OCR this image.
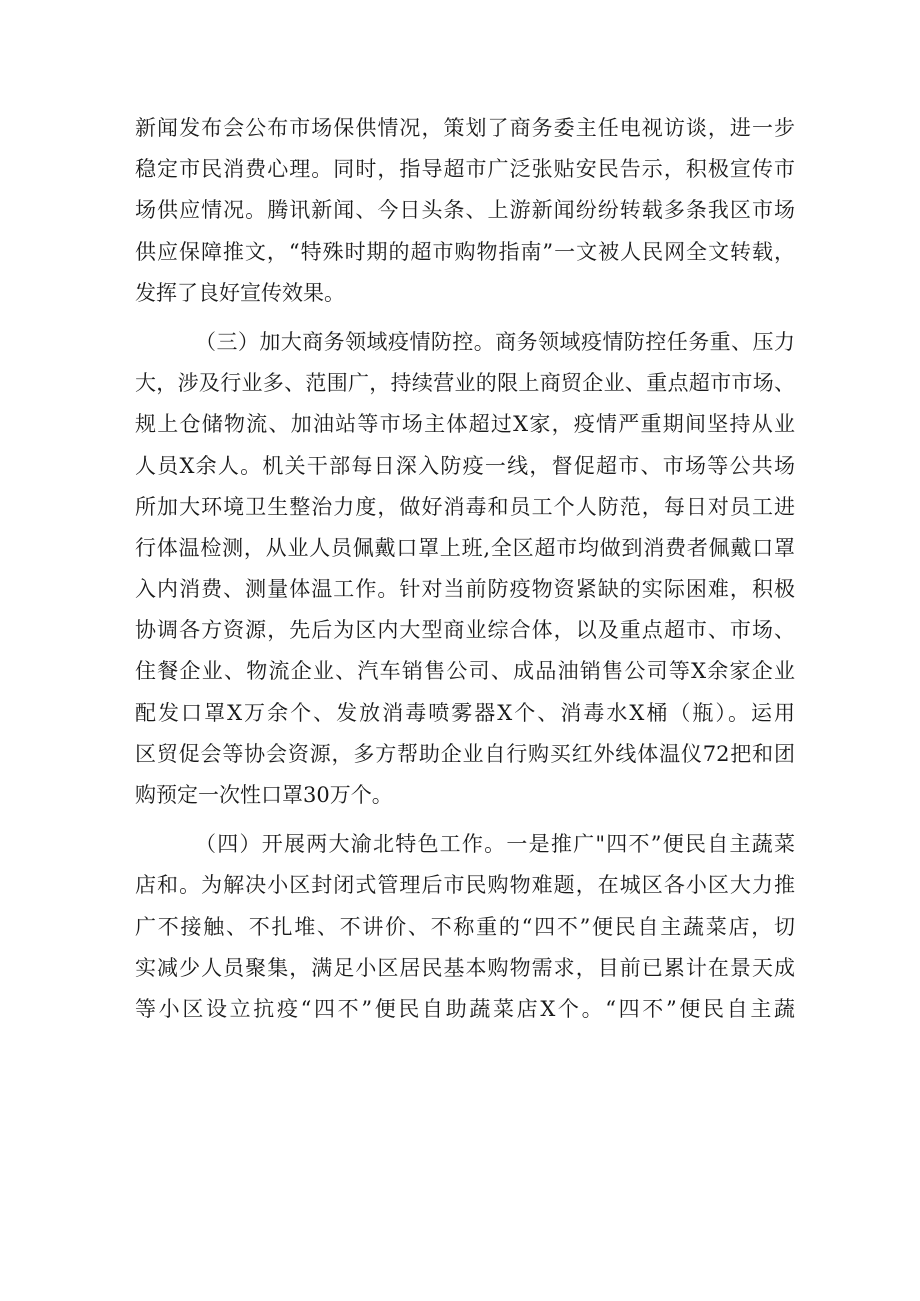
新闻发布会公布市场保供情况，策划了商务委主任电视访谈，进一步
稳定市民消费心理。同时，指导超市广泛张贴安民告示，积极宣传市
场供应情况。腾讯新闻、今日头条、上游新闻纷纷转载多条我区市场
供应保障推文，“特殊时期的超市购物指南”一文被人民网全文转载，
发挥了良好宣传效果。
（三）加大商务领域疫情防控。商务领域疫情防控任务重、压力
大，涉及行业多、范围广，持续营业的限上商贸企业、重点超市市场、
规上仓储物流、加油站等市场主体超过X家，疫情严重期间坚持从业
人员X余人。机关干部每日深入防疫一线，督促超市、市场等公共场
所加大环境卫生整治力度，做好消毒和员工个人防范，每日对员工进
行体温检测，从业人员佩戴口罩上班,全区超市均做到消费者佩戴口罩
入内消费、测量体温工作。针对当前防疫物资紧缺的实际困难，积极
协调各方资源，先后为区内大型商业综合体，以及重点超市、市场、
住餐企业、物流企业、汽车销售公司、成品油销售公司等X余家企业
配发口罩X万余个、发放消毒喷雾器X个、消毒水X桶（瓶）。运用
区贸促会等协会资源，多方帮助企业自行购买红外线体温仪72把和团
购预定一次性口罩30万个。
（四）开展两大渝北特色工作。一是推广"四不”便民自主蔬菜
店和。为解决小区封闭式管理后市民购物难题，在城区各小区大力推
广不接触、不扎堆、不讲价、不称重的“四不”便民自主蔬菜店，切
实减少人员聚集，满足小区居民基本购物需求，目前已累计在景天成
等小区设立抗疫“四不”便民自助蔬菜店X个。“四不”便民自主蔬
